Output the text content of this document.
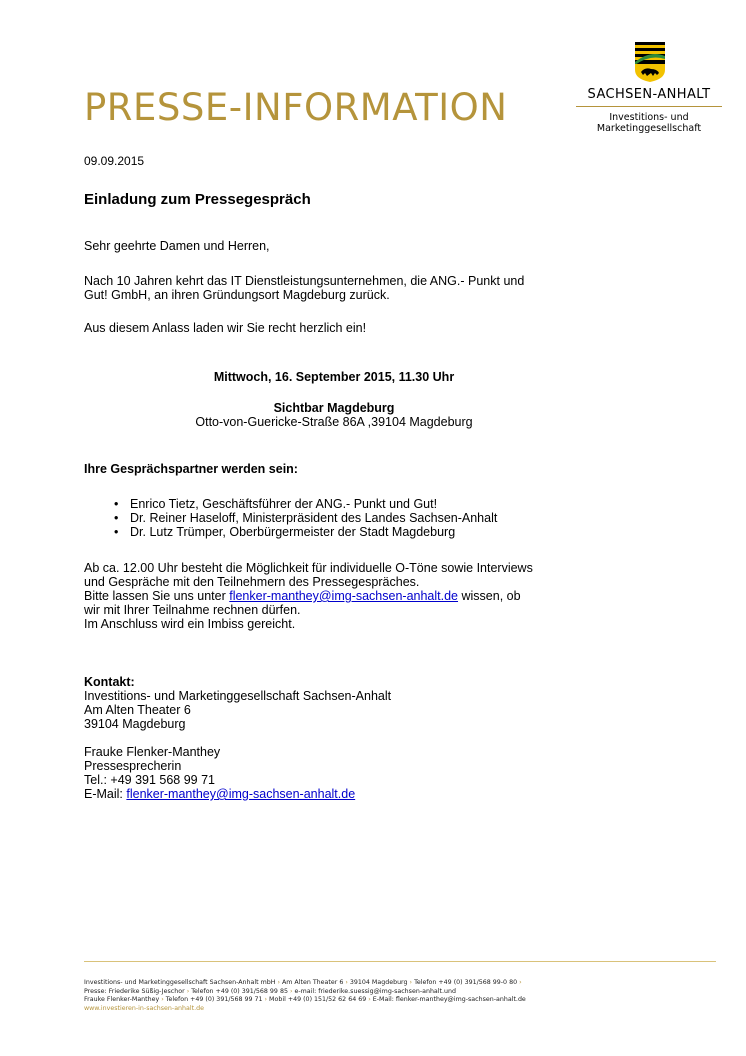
PRESSE-INFORMATION	SACHSEN-ANHALT
Investitions- und
Marketinggesellschaft
09.09.2015
Einladung zum Pressegespräch
Sehr geehrte Damen und Herren,
Nach 10 Jahren kehrt das IT Dienstleistungsunternehmen, die ANG.- Punkt und
Gut! GmbH, an ihren Gründungsort Magdeburg zurück.
Aus diesem Anlass laden wir Sie recht herzlich ein!
Mittwoch, 16. September 2015, 11.30 Uhr
Sichtbar Magdeburg
Otto-von-Guericke-Straße 86A ,39104 Magdeburg
Ihre Gesprächspartner werden sein:
• Enrico Tietz, Geschäftsführer der ANG.- Punkt und Gut!
• Dr. Reiner Haseloff, Ministerpräsident des Landes Sachsen-Anhalt
• Dr. Lutz Trümper, Oberbürgermeister der Stadt Magdeburg
Ab ca. 12.00 Uhr besteht die Möglichkeit für individuelle O-Töne sowie Interviews
und Gespräche mit den Teilnehmern des Pressegespräches.
Bitte lassen Sie uns unter flenker-manthey@img-sachsen-anhalt.de wissen, ob
wir mit Ihrer Teilnahme rechnen dürfen.
Im Anschluss wird ein Imbiss gereicht.
Kontakt:
Investitions- und Marketinggesellschaft Sachsen-Anhalt
Am Alten Theater 6
39104 Magdeburg
Frauke Flenker-Manthey
Pressesprecherin
Tel.: +49 391 568 99 71
E-Mail: flenker-manthey@img-sachsen-anhalt.de
Investitions- und Marketinggesellschaft Sachsen-Anhalt mbH › Am Alten Theater 6 › 39104 Magdeburg › Telefon +49 (0) 391/568 99-0 80 ›
Presse: Friederike Süßig-Jeschor › Telefon +49 (0) 391/568 99 85 › e-mail: friederike.suessig@img-sachsen-anhalt.und
Frauke Flenker-Manthey › Telefon +49 (0) 391/568 99 71 › Mobil +49 (0) 151/52 62 64 69 › E-Mail: flenker-manthey@img-sachsen-anhalt.de
www.investieren-in-sachsen-anhalt.de
